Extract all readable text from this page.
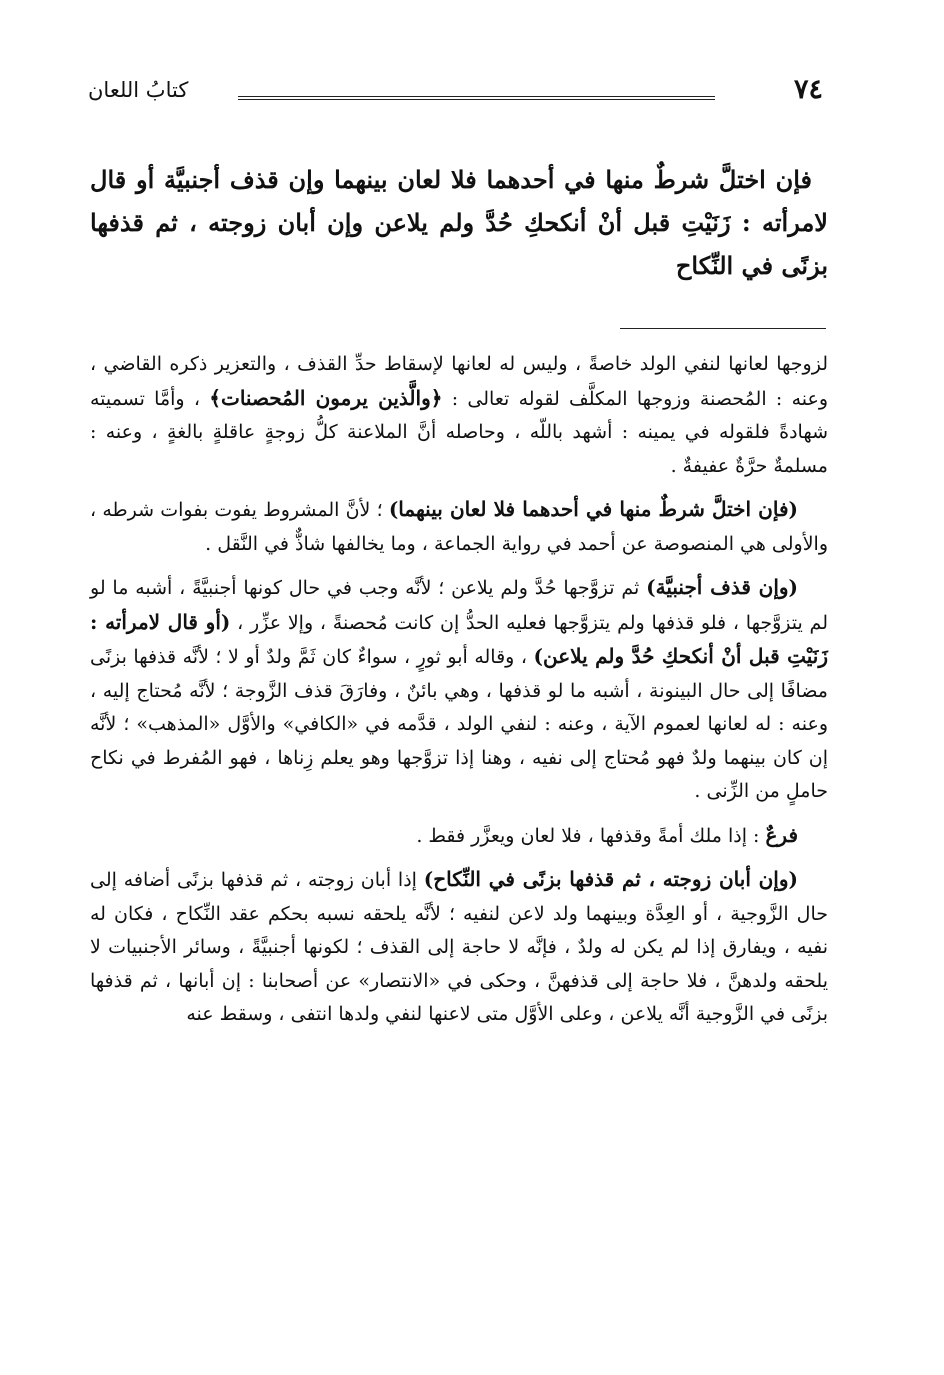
٧٤
كتابُ اللعان
فإن اختلَّ شرطٌ منها في أحدهما فلا لعان بينهما وإن قذف أجنبيَّة أو قال لامرأته : زَنَيْتِ قبل أنْ أنكحكِ حُدَّ ولم يلاعن وإن أبان زوجته ، ثم قذفها بزنًى في النِّكاح

لزوجها لعانها لنفي الولد خاصةً ، وليس له لعانها لإسقاط حدِّ القذف ، والتعزير ذكره القاضي ، وعنه : المُحصنة وزوجها المكلَّف لقوله تعالى : ﴿والَّذين يرمون المُحصنات﴾ ، وأمَّا تسميته شهادةً فلقوله في يمينه : أشهد باللّه ، وحاصله أنَّ الملاعنة كلُّ زوجةٍ عاقلةٍ بالغةٍ ، وعنه : مسلمةٌ حرَّةٌ عفيفةٌ .

(فإن اختلَّ شرطٌ منها في أحدهما فلا لعان بينهما) ؛ لأنَّ المشروط يفوت بفوات شرطه ، والأولى هي المنصوصة عن أحمد في رواية الجماعة ، وما يخالفها شاذٌّ في النَّقل .

(وإن قذف أجنبيَّة) ثم تزوَّجها حُدَّ ولم يلاعن ؛ لأنَّه وجب في حال كونها أجنبيَّةً ، أشبه ما لو لم يتزوَّجها ، فلو قذفها ولم يتزوَّجها فعليه الحدُّ إن كانت مُحصنةً ، وإلا عزِّر ، (أو قال لامرأته : زَنَيْتِ قبل أنْ أنكحكِ حُدَّ ولم يلاعن) ، وقاله أبو ثورٍ ، سواءٌ كان ثَمَّ ولدٌ أو لا ؛ لأنَّه قذفها بزنًى مضافًا إلى حال البينونة ، أشبه ما لو قذفها ، وهي بائنٌ ، وفارَقَ قذف الزَّوجة ؛ لأنَّه مُحتاج إليه ، وعنه : له لعانها لعموم الآية ، وعنه : لنفي الولد ، قدَّمه في «الكافي» والأوَّل «المذهب» ؛ لأنَّه إن كان بينهما ولدٌ فهو مُحتاج إلى نفيه ، وهنا إذا تزوَّجها وهو يعلم زِناها ، فهو المُفرط في نكاح حاملٍ من الزِّنى .

فرعٌ : إذا ملك أمةً وقذفها ، فلا لعان ويعزَّر فقط .

(وإن أبان زوجته ، ثم قذفها بزنًى في النِّكاح) إذا أبان زوجته ، ثم قذفها بزنًى أضافه إلى حال الزَّوجية ، أو العِدَّة وبينهما ولد لاعن لنفيه ؛ لأنَّه يلحقه نسبه بحكم عقد النِّكاح ، فكان له نفيه ، ويفارق إذا لم يكن له ولدٌ ، فإنَّه لا حاجة إلى القذف ؛ لكونها أجنبيَّةً ، وسائر الأجنبيات لا يلحقه ولدهنَّ ، فلا حاجة إلى قذفهنَّ ، وحكى في «الانتصار» عن أصحابنا : إن أبانها ، ثم قذفها بزنًى في الزَّوجية أنَّه يلاعن ، وعلى الأوَّل متى لاعنها لنفي ولدها انتفى ، وسقط عنه
